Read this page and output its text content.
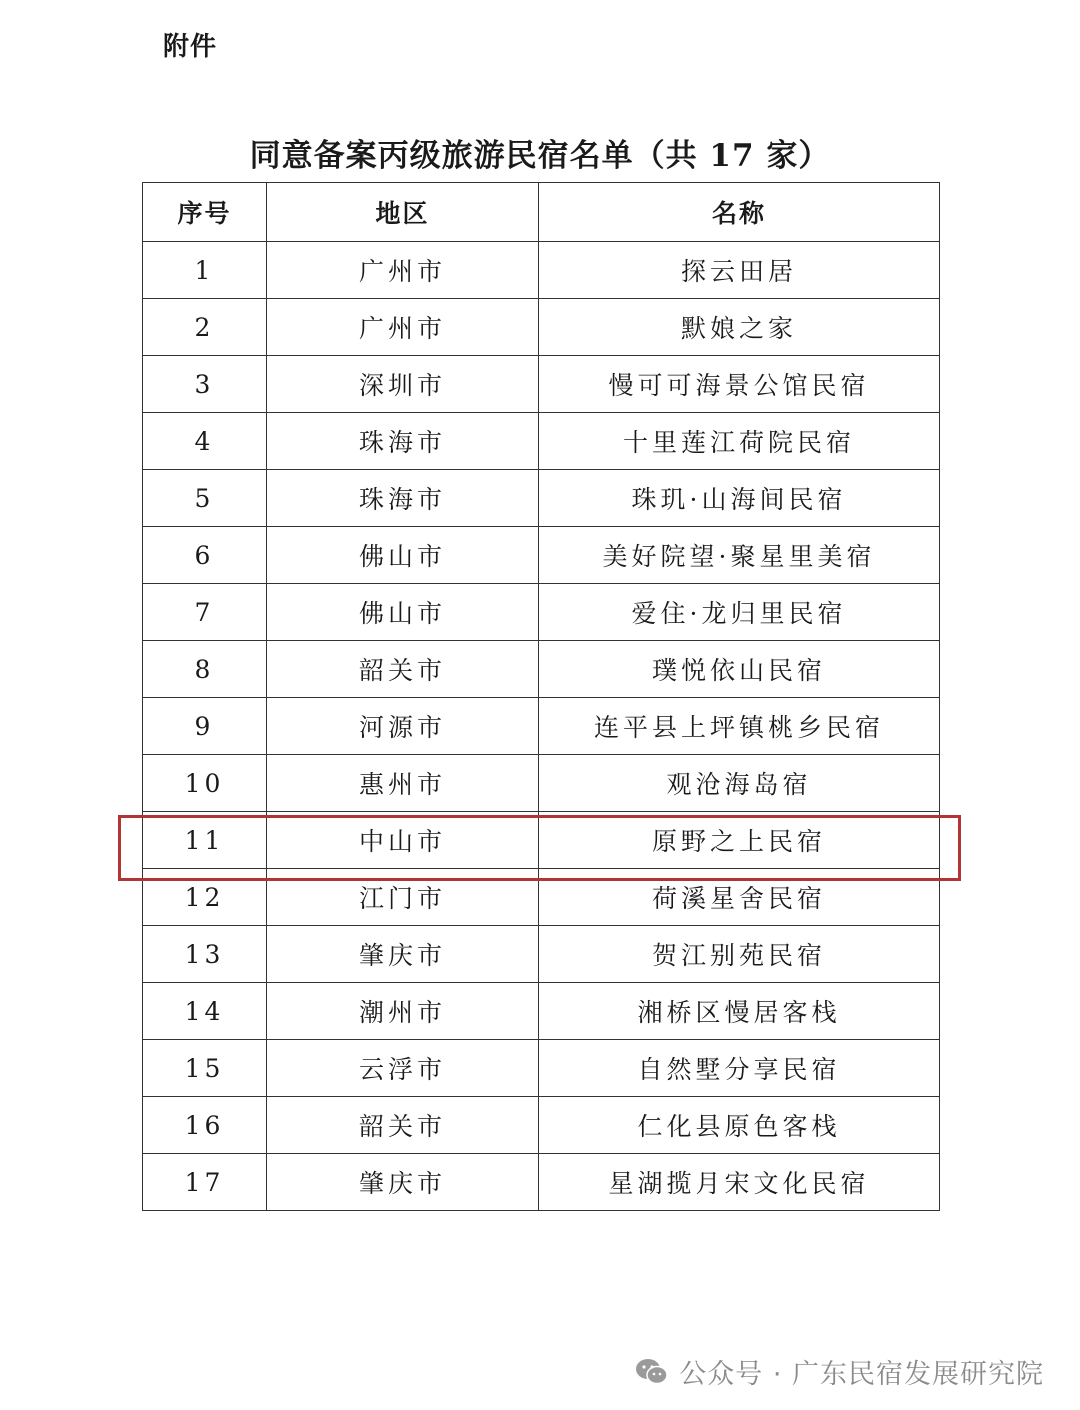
附件
同意备案丙级旅游民宿名单（共 17 家）
序号	地区	名称
1	广州市	探云田居
2	广州市	默娘之家
3	深圳市	慢可可海景公馆民宿
4	珠海市	十里莲江荷院民宿
5	珠海市	珠玑·山海间民宿
6	佛山市	美好院望·聚星里美宿
7	佛山市	爱住·龙归里民宿
8	韶关市	璞悦依山民宿
9	河源市	连平县上坪镇桃乡民宿
10	惠州市	观沧海岛宿
11	中山市	原野之上民宿
12	江门市	荷溪星舍民宿
13	肇庆市	贺江别苑民宿
14	潮州市	湘桥区慢居客栈
15	云浮市	自然墅分享民宿
16	韶关市	仁化县原色客栈
17	肇庆市	星湖揽月宋文化民宿
公众号 · 广东民宿发展研究院
